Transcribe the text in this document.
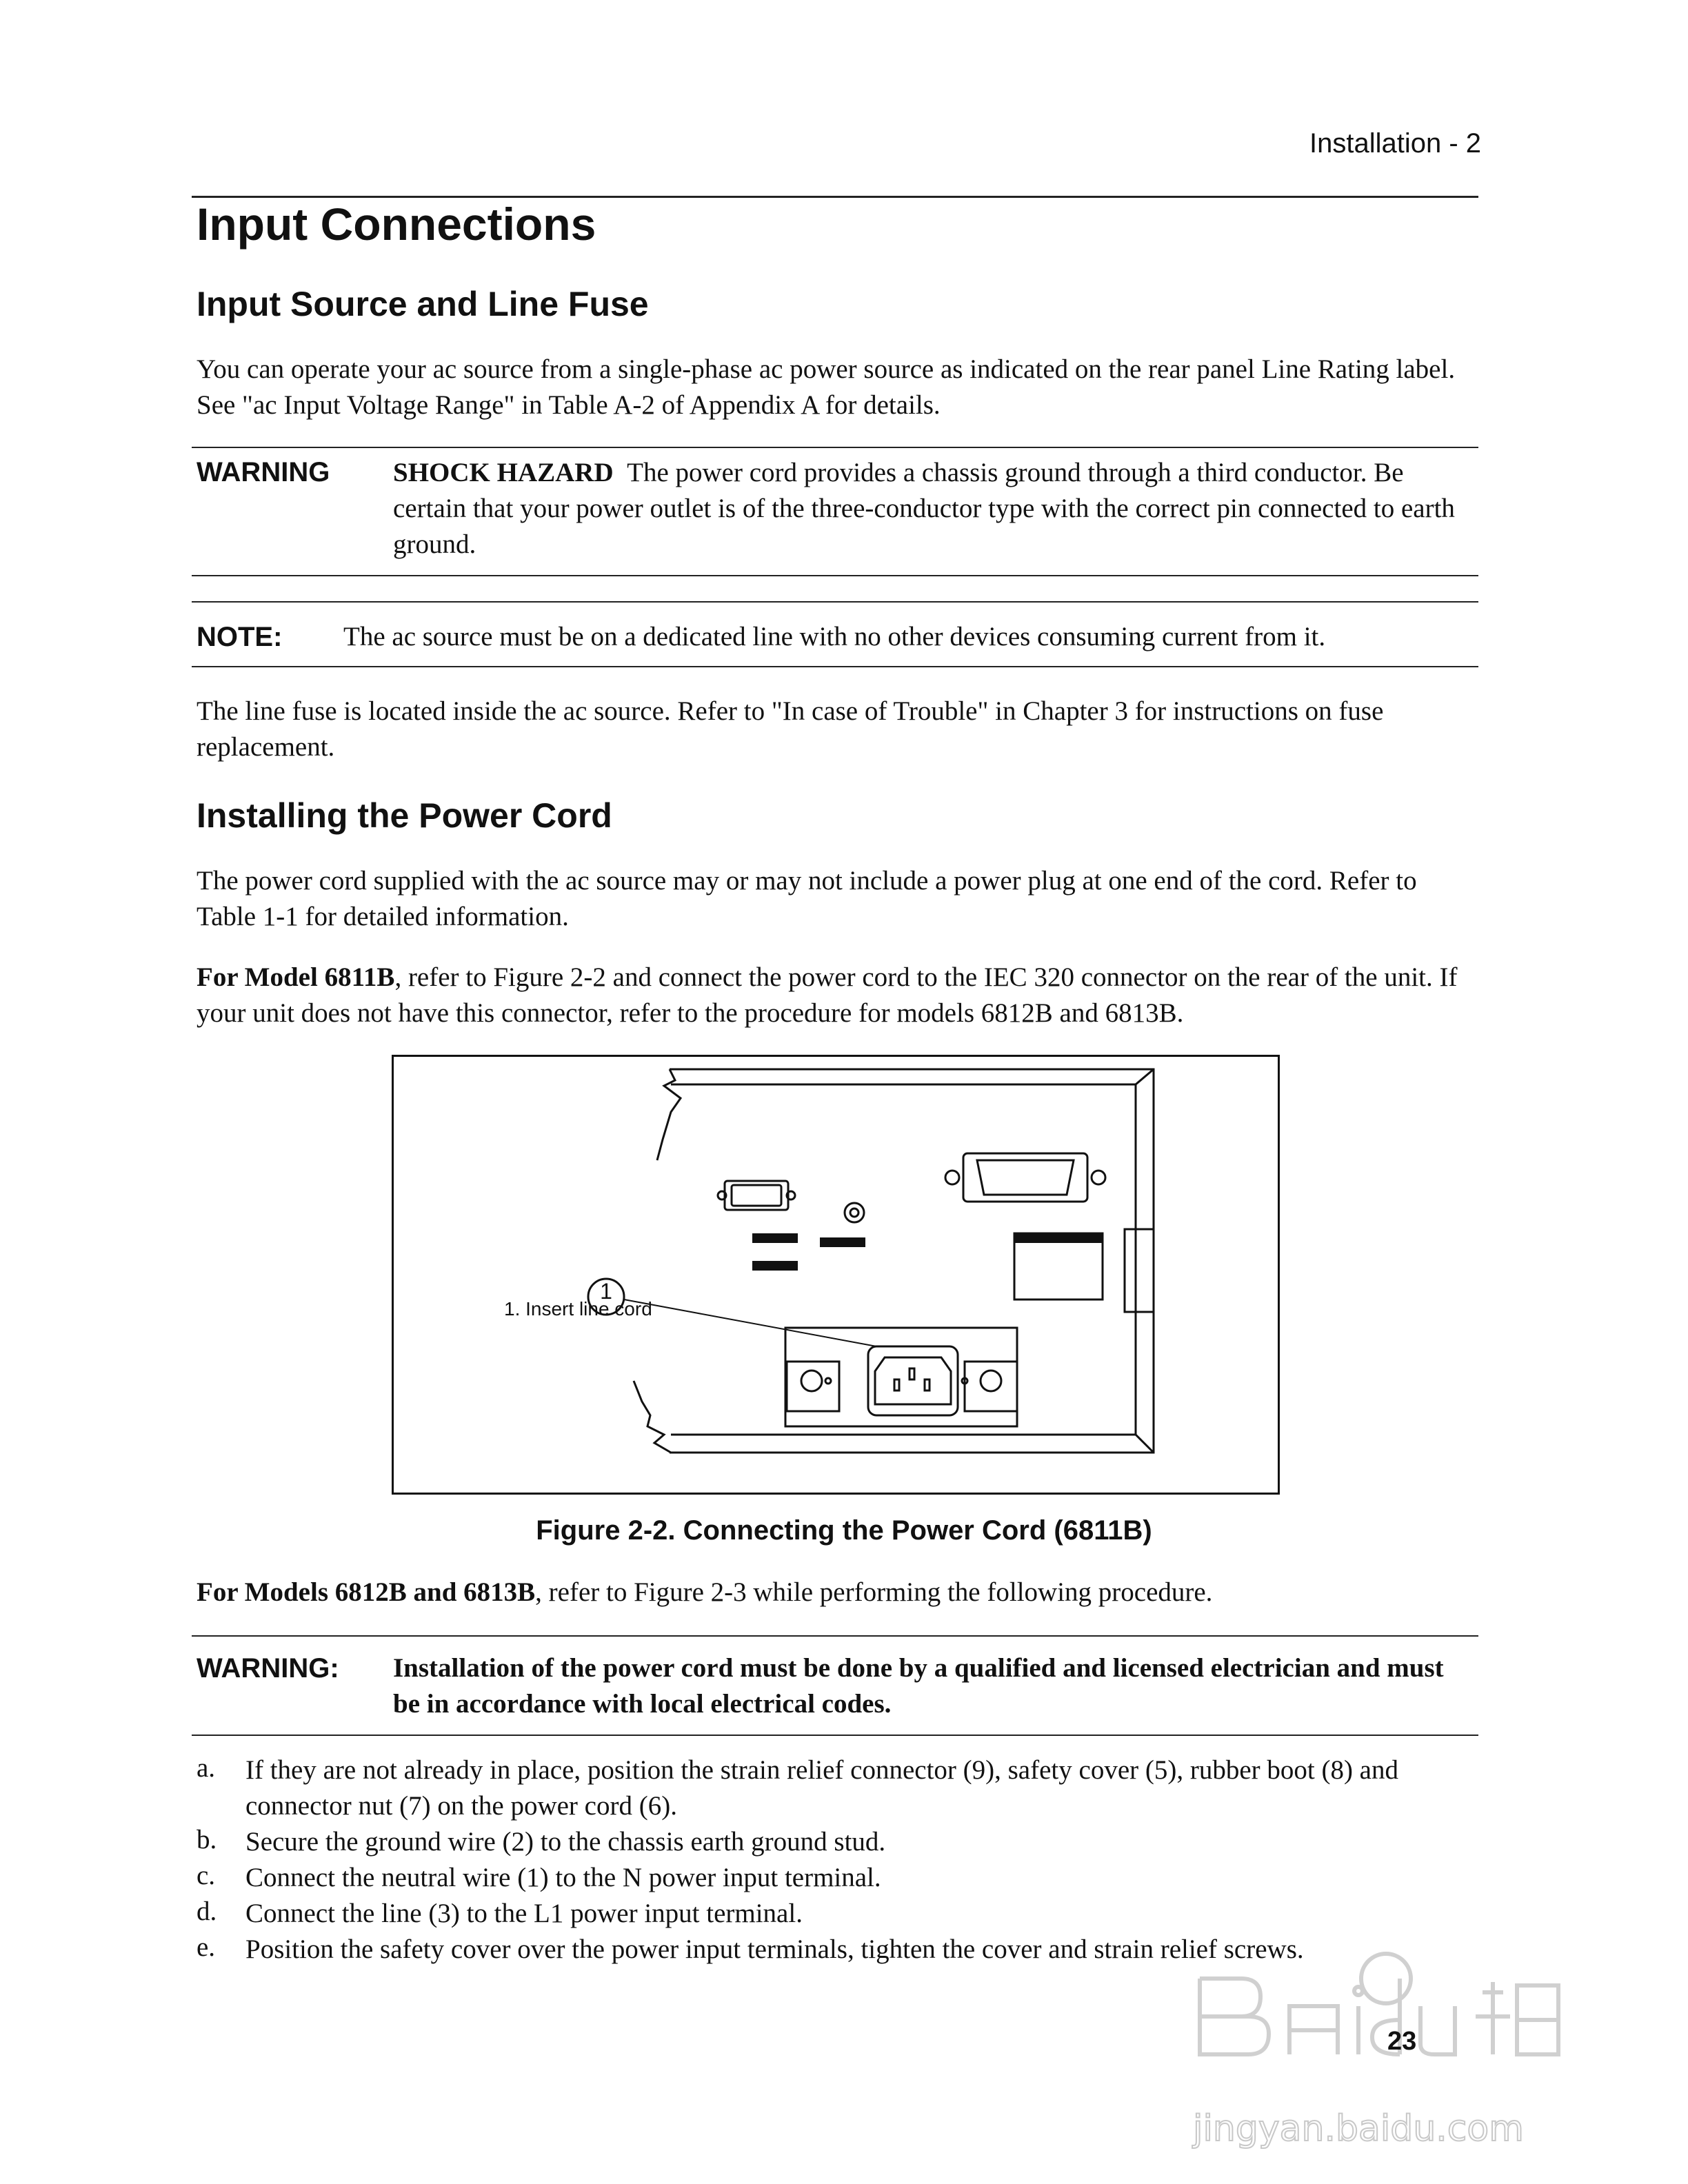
Installation - 2
Input Connections
Input Source and Line Fuse
You can operate your ac source from a single-phase ac power source as indicated on the rear panel Line Rating label. See "ac Input Voltage Range" in Table A-2 of Appendix A for details.
WARNING SHOCK HAZARD The power cord provides a chassis ground through a third conductor. Be certain that your power outlet is of the three-conductor type with the correct pin connected to earth ground.
NOTE: The ac source must be on a dedicated line with no other devices consuming current from it.
The line fuse is located inside the ac source. Refer to "In case of Trouble" in Chapter 3 for instructions on fuse replacement.
Installing the Power Cord
The power cord supplied with the ac source may or may not include a power plug at one end of the cord. Refer to Table 1-1 for detailed information.
For Model 6811B, refer to Figure 2-2 and connect the power cord to the IEC 320 connector on the rear of the unit. If your unit does not have this connector, refer to the procedure for models 6812B and 6813B.
1. Insert line cord
1
Figure 2-2. Connecting the Power Cord (6811B)
For Models 6812B and 6813B, refer to Figure 2-3 while performing the following procedure.
WARNING: Installation of the power cord must be done by a qualified and licensed electrician and must be in accordance with local electrical codes.
a. If they are not already in place, position the strain relief connector (9), safety cover (5), rubber boot (8) and connector nut (7) on the power cord (6).
b. Secure the ground wire (2) to the chassis earth ground stud.
c. Connect the neutral wire (1) to the N power input terminal.
d. Connect the line (3) to the L1 power input terminal.
e. Position the safety cover over the power input terminals, tighten the cover and strain relief screws.
jingyan.baidu.com
23
